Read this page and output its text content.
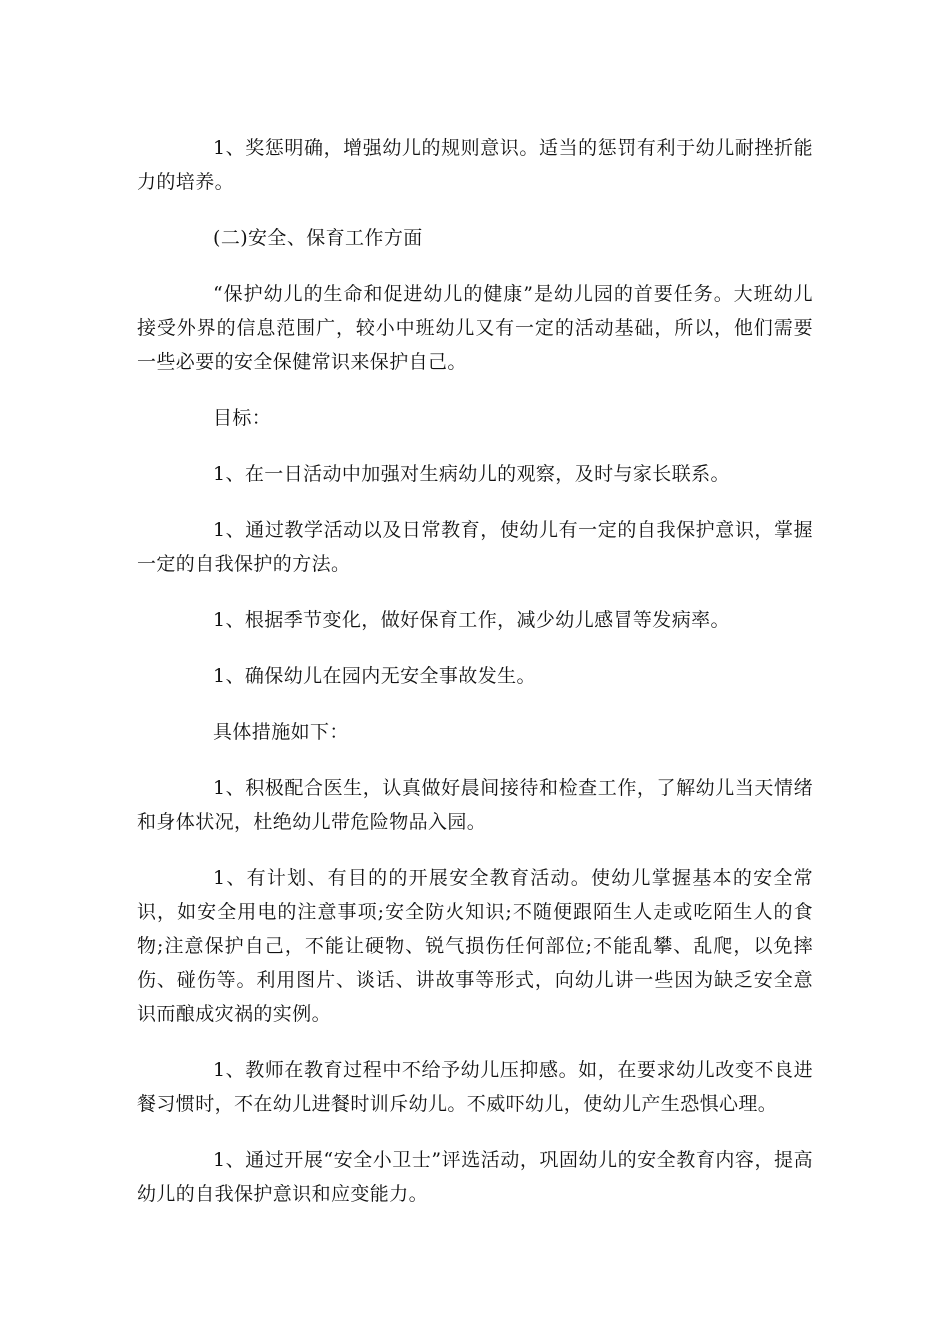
1、奖惩明确，增强幼儿的规则意识。适当的惩罚有利于幼儿耐挫折能力的培养。

(二)安全、保育工作方面

“保护幼儿的生命和促进幼儿的健康”是幼儿园的首要任务。大班幼儿接受外界的信息范围广，较小中班幼儿又有一定的活动基础，所以，他们需要一些必要的安全保健常识来保护自己。

目标：

1、在一日活动中加强对生病幼儿的观察，及时与家长联系。

1、通过教学活动以及日常教育，使幼儿有一定的自我保护意识，掌握一定的自我保护的方法。

1、根据季节变化，做好保育工作，减少幼儿感冒等发病率。

1、确保幼儿在园内无安全事故发生。

具体措施如下：

1、积极配合医生，认真做好晨间接待和检查工作，了解幼儿当天情绪和身体状况，杜绝幼儿带危险物品入园。

1、有计划、有目的的开展安全教育活动。使幼儿掌握基本的安全常识，如安全用电的注意事项;安全防火知识;不随便跟陌生人走或吃陌生人的食物;注意保护自己，不能让硬物、锐气损伤任何部位;不能乱攀、乱爬，以免摔伤、碰伤等。利用图片、谈话、讲故事等形式，向幼儿讲一些因为缺乏安全意识而酿成灾祸的实例。

1、教师在教育过程中不给予幼儿压抑感。如，在要求幼儿改变不良进餐习惯时，不在幼儿进餐时训斥幼儿。不威吓幼儿，使幼儿产生恐惧心理。

1、通过开展“安全小卫士”评选活动，巩固幼儿的安全教育内容，提高幼儿的自我保护意识和应变能力。
